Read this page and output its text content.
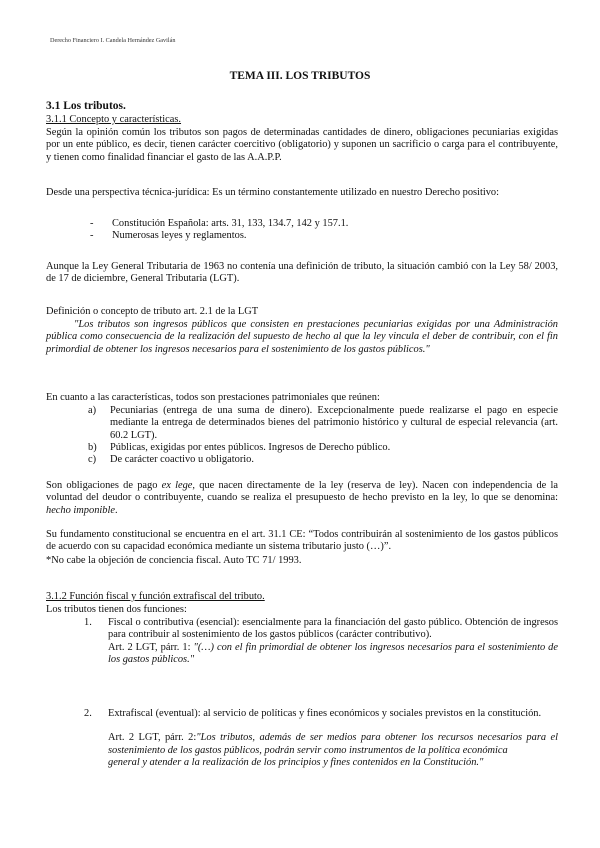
Derecho Financiero I. Candela Hernández Gavilán
TEMA III. LOS TRIBUTOS
3.1 Los tributos.
3.1.1 Concepto y características.
Según la opinión común los tributos son pagos de determinadas cantidades de dinero, obligaciones pecuniarias exigidas por un ente público, es decir, tienen carácter coercitivo (obligatorio) y suponen un sacrificio o carga para el contribuyente, y tienen como finalidad financiar el gasto de las A.A.P.P.
Desde una perspectiva técnica-jurídica: Es un término constantemente utilizado en nuestro Derecho positivo:
-	Constitución Española: arts. 31, 133, 134.7, 142 y 157.1.
-	Numerosas leyes y reglamentos.
Aunque la Ley General Tributaria de 1963 no contenía una definición de tributo, la situación cambió con la Ley 58/ 2003, de 17 de diciembre, General Tributaria (LGT).
Definición o concepto de tributo art. 2.1 de la LGT
"Los tributos son ingresos públicos que consisten en prestaciones pecuniarias exigidas por una Administración pública como consecuencia de la realización del supuesto de hecho al que la ley vincula el deber de contribuir, con el fin primordial de obtener los ingresos necesarios para el sostenimiento de los gastos públicos."
En cuanto a las características, todos son prestaciones patrimoniales que reúnen:
a)	Pecuniarias (entrega de una suma de dinero). Excepcionalmente puede realizarse el pago en especie mediante la entrega de determinados bienes del patrimonio histórico y cultural de especial relevancia (art. 60.2 LGT).
b)	Públicas, exigidas por entes públicos. Ingresos de Derecho público.
c)	De carácter coactivo u obligatorio.
Son obligaciones de pago ex lege, que nacen directamente de la ley (reserva de ley). Nacen con independencia de la voluntad del deudor o contribuyente, cuando se realiza el presupuesto de hecho previsto en la ley, lo que se denomina: hecho imponible.
Su fundamento constitucional se encuentra en el art. 31.1 CE: “Todos contribuirán al sostenimiento de los gastos públicos de acuerdo con su capacidad económica mediante un sistema tributario justo (…)”.
*No cabe la objeción de conciencia fiscal. Auto TC 71/ 1993.
3.1.2 Función fiscal y función extrafiscal del tributo.
Los tributos tienen dos funciones:
1.	Fiscal o contributiva (esencial): esencialmente para la financiación del gasto público. Obtención de ingresos para contribuir al sostenimiento de los gastos públicos (carácter contributivo).

Art. 2 LGT, párr. 1: "(…) con el fin primordial de obtener los ingresos necesarios para el sostenimiento de los gastos públicos."

2.	Extrafiscal (eventual): al servicio de políticas y fines económicos y sociales previstos en la constitución.

Art. 2 LGT, párr. 2:"Los tributos, además de ser medios para obtener los recursos necesarios para el sostenimiento de los gastos públicos, podrán servir como instrumentos de la política económica

general y atender a la realización de los principios y fines contenidos en la Constitución."
